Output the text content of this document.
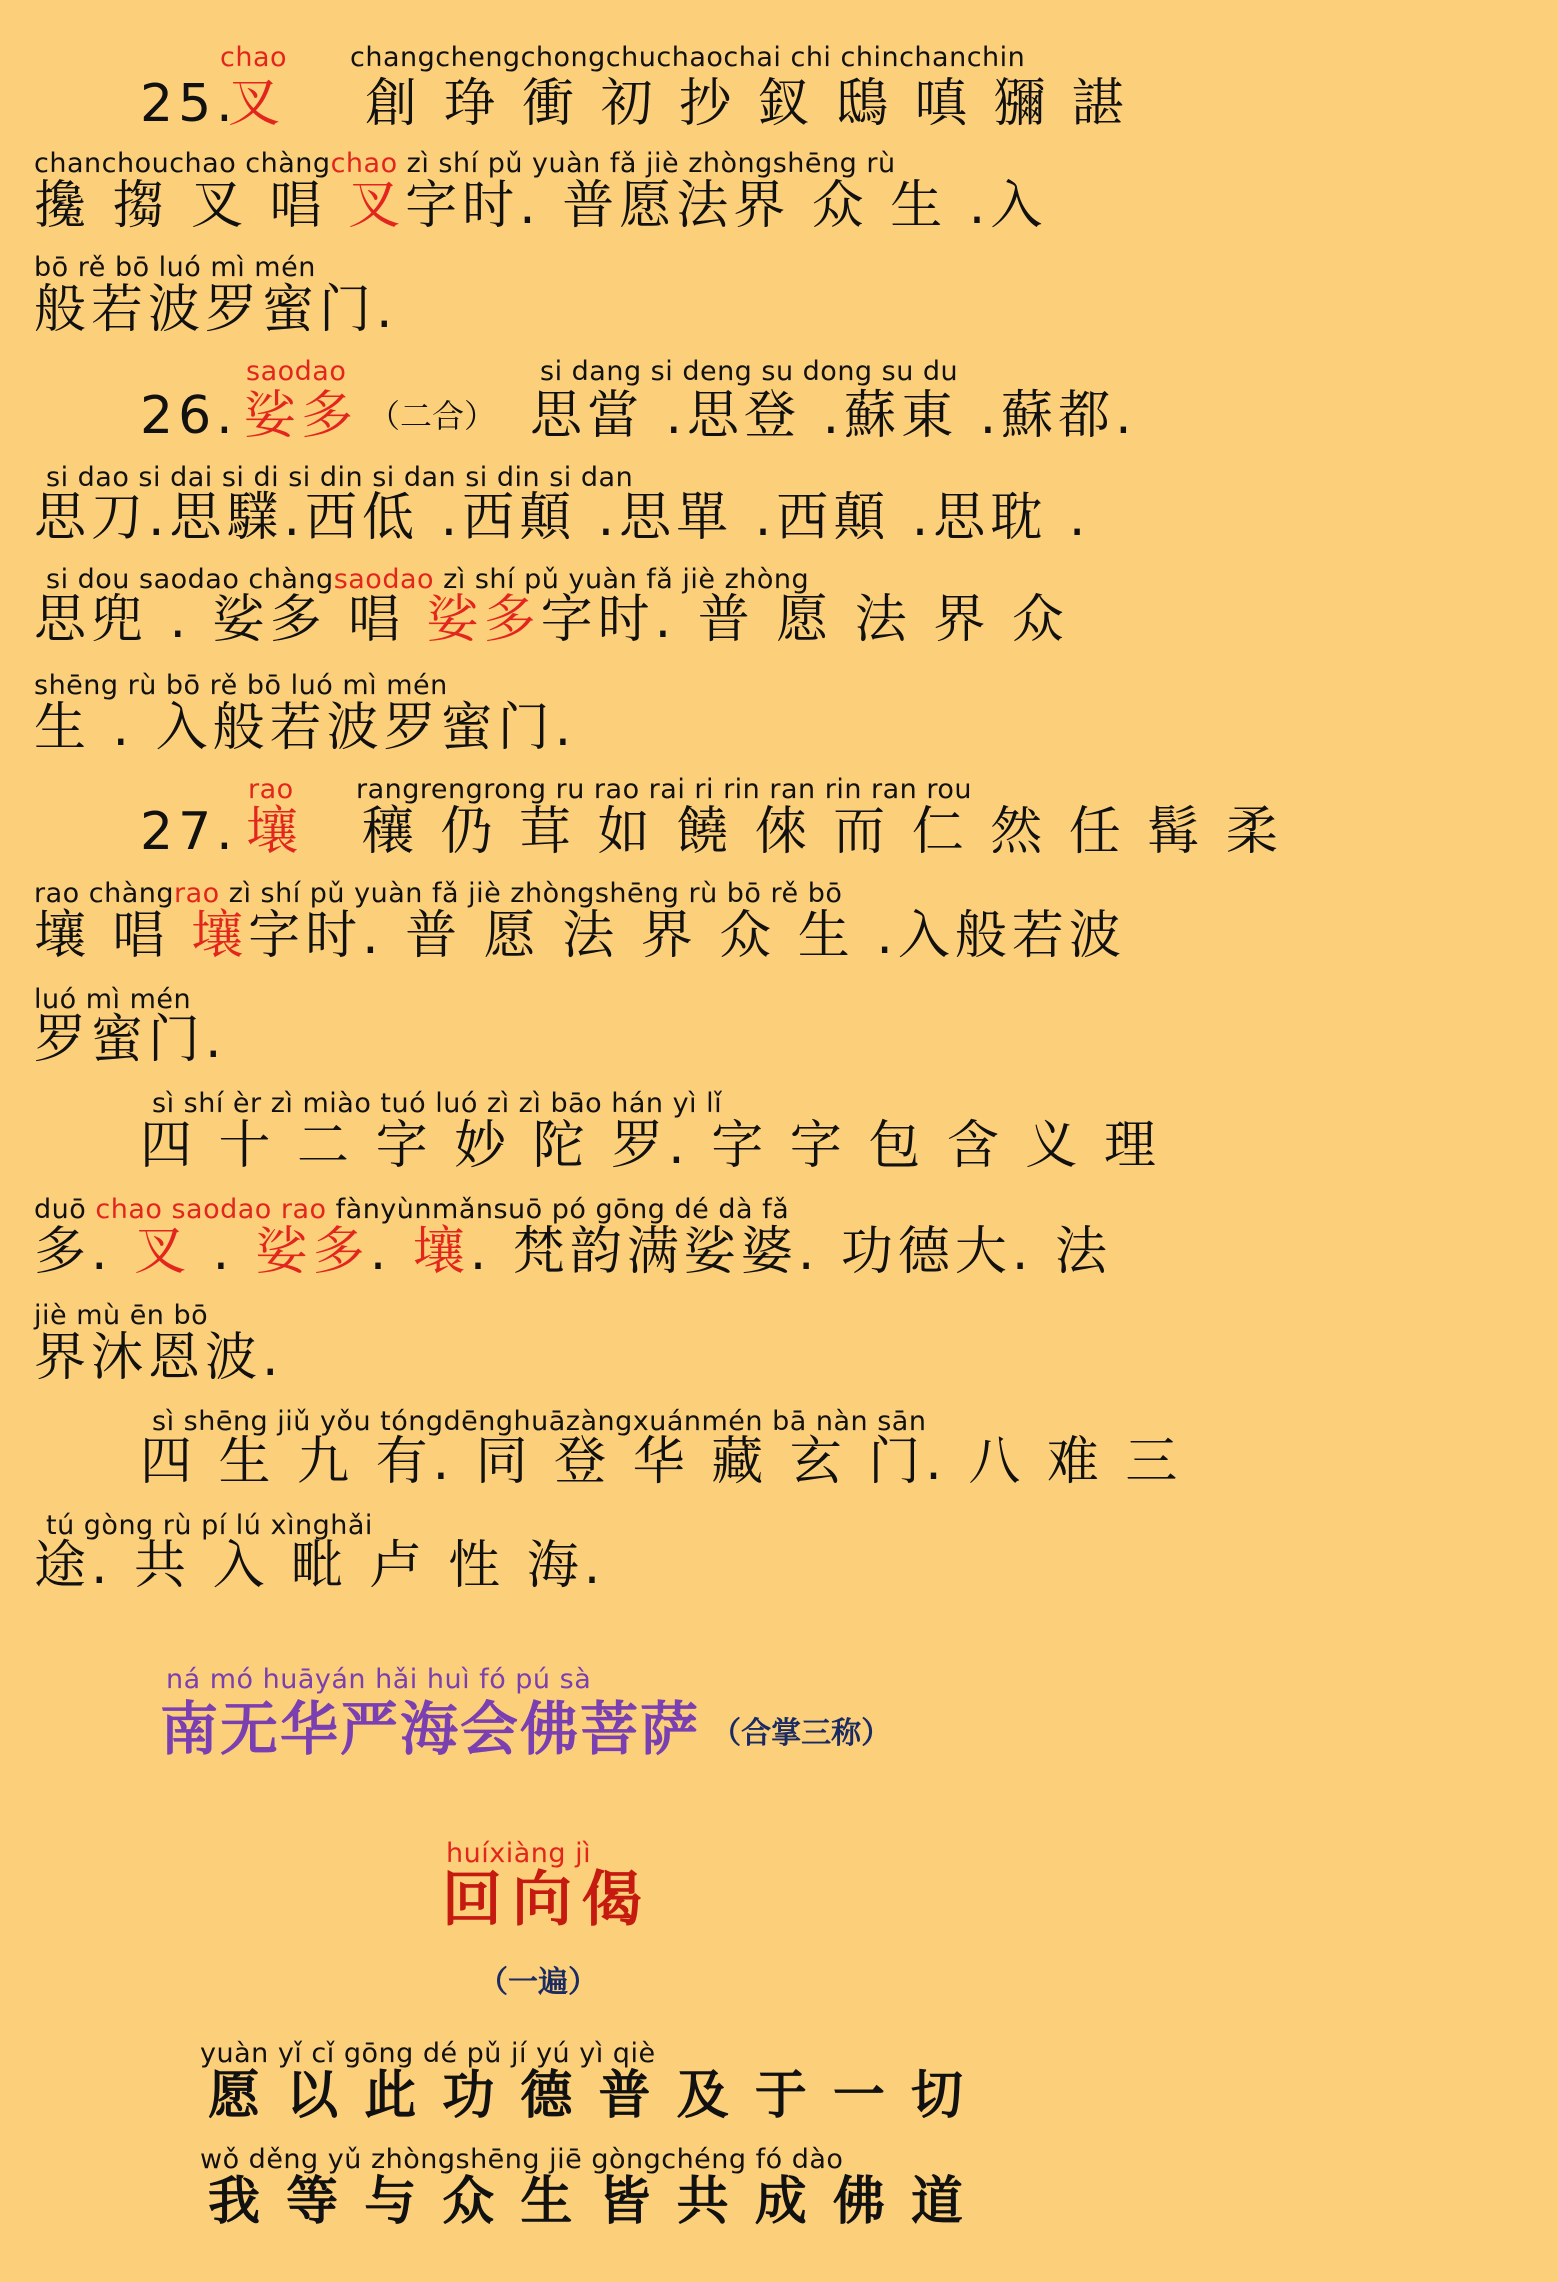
chao changchengchongchuchaochai chi chinchanchin
25.
叉 創 琤 衝 初 抄 釵 鴟 嗔 獼 諶
chanchouchao chàngchao zì shí pǔ yuàn fǎ jiè zhòngshēng rù
攙 搊 叉 唱 叉字时. 普愿法界 众 生 .入
bō rě bō luó mì mén
般若波罗蜜门.
saodao	si dang si deng su dong su du
26. 娑多 （二合） 思當 .思登 .蘇東 .蘇都.
si dao si dai si di si din si dan si din si dan
思刀.思驜.西低 .西顛 .思單 .西顛 .思耽 .
si dou saodao chàngsaodao zì shí pǔ yuàn fǎ jiè zhòng
思兜 . 娑多 唱 娑多字时. 普 愿 法 界 众
shēng rù bō rě bō luó mì mén
生 . 入般若波罗蜜门.
rao rangrengrong ru rao rai ri rin ran rin ran rou
27. 壤 穰 仍 茸 如 饒 倈 而 仁 然 任 髯 柔
rao chàngrao zì shí pǔ yuàn fǎ jiè zhòngshēng rù bō rě bō
壤 唱 壤字时. 普 愿 法 界 众 生 .入般若波
luó mì mén
罗蜜门.
sì shí èr zì miào tuó luó zì zì bāo hán yì lǐ
四 十 二 字 妙 陀 罗. 字 字 包 含 义 理
duō chao saodao rao fànyùnmǎnsuō pó gōng dé dà fǎ
多. 叉 . 娑多. 壤. 梵韵满娑婆. 功德大. 法
jiè mù ēn bō
界沐恩波.
sì shēng jiǔ yǒu tóngdēnghuāzàngxuánmén bā nàn sān
四 生 九 有. 同 登 华 藏 玄 门. 八 难 三
tú gòng rù pí lú xìnghǎi
途. 共 入 毗 卢 性 海.
ná mó huāyán hǎi huì fó pú sà
南无华严海会佛菩萨 （合掌三称）
huíxiàng jì
回向偈
（一遍）
yuàn yǐ cǐ gōng dé pǔ jí yú yì qiè
愿 以 此 功 德 普 及 于 一 切
wǒ děng yǔ zhòngshēng jiē gòngchéng fó dào
我 等 与 众 生 皆 共 成 佛 道
